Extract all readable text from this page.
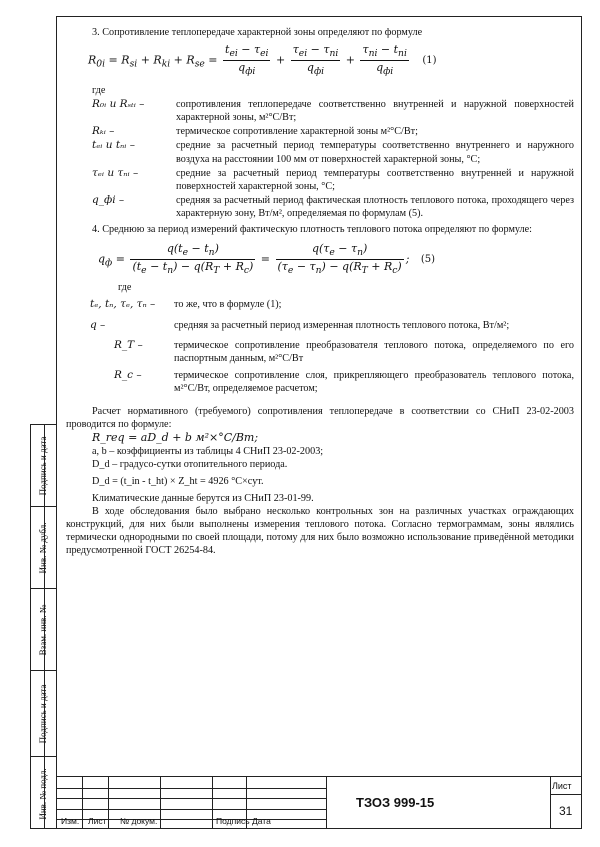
Подпись и дата
Инв. № дубл.
Взам. инв. №
Подпись и дата
Инв. № подл.

3. Сопротивление теплопередаче характерной зоны определяют по формуле

$R_{0i} = R_{si} + R_{ki} + R_{se} = \frac{t_{ei} - \tau_{ei}}{q_{фi}} + \frac{\tau_{ei} - \tau_{ni}}{q_{фi}} + \frac{\tau_{ni} - t_{ni}}{q_{фi}} (1)$

где

R₀ᵢ и Rₛₜᵢ –	сопротивления теплопередаче соответственно внутренней и наружной поверхностей характерной зоны, м²°С/Вт;
Rₖᵢ –	термическое сопротивление характерной зоны м²°С/Вт;
tₑᵢ и tₙᵢ –	средние за расчетный период температуры соответственно внутреннего и наружного воздуха на расстоянии 100 мм от поверхностей характерной зоны, °С;
τₑᵢ и τₙᵢ –	средние за расчетный период температуры соответственно внутренней и наружной поверхностей характерной зоны, °С;
q_фi –	средняя за расчетный период фактическая плотность теплового потока, проходящего через характерную зону, Вт/м², определяемая по формулам (5).

4. Среднюю за период измерений фактическую плотность теплового потока определяют по формуле:

$q_ф = \frac{q(t_e - t_n)}{(t_e - t_n) - q(R_T + R_c)} = \frac{q(\tau_e - \tau_n)}{(\tau_e - \tau_n) - q(R_T + R_c)}$ ; (5)

где

tₑ, tₙ, τₑ, τₙ –	то же, что в формуле (1);
q –	средняя за расчетный период измеренная плотность теплового потока, Вт/м²;
R_T –	термическое сопротивление преобразователя теплового потока, определяемого по его паспортным данным, м²°С/Вт
R_c –	термическое сопротивление слоя, прикрепляющего преобразователь теплового потока, м²°С/Вт, определяемое расчетом;

Расчет нормативного (требуемого) сопротивления теплопередаче в соответствии со СНиП 23-02-2003 проводится по формуле:

R_req = aD_d + b м²×°С/Вт;

a, b – коэффициенты из таблицы 4 СНиП 23-02-2003;

D_d – градусо-сутки отопительного периода.

D_d = (t_in - t_ht) × Z_ht = 4926 °С×сут.

Климатические данные берутся из СНиП 23-01-99.

В ходе обследования было выбрано несколько контрольных зон на различных участках ограждающих конструкций, для них были выполнены измерения теплового потока. Согласно термограммам, зоны являлись термически однородными по своей площади, потому для них было возможно использование приведённой методики предусмотренной ГОСТ 26254-84.

Изм. Лист № докум.	Подпись Дата
ТЗОЗ 999-15
Лист
31
